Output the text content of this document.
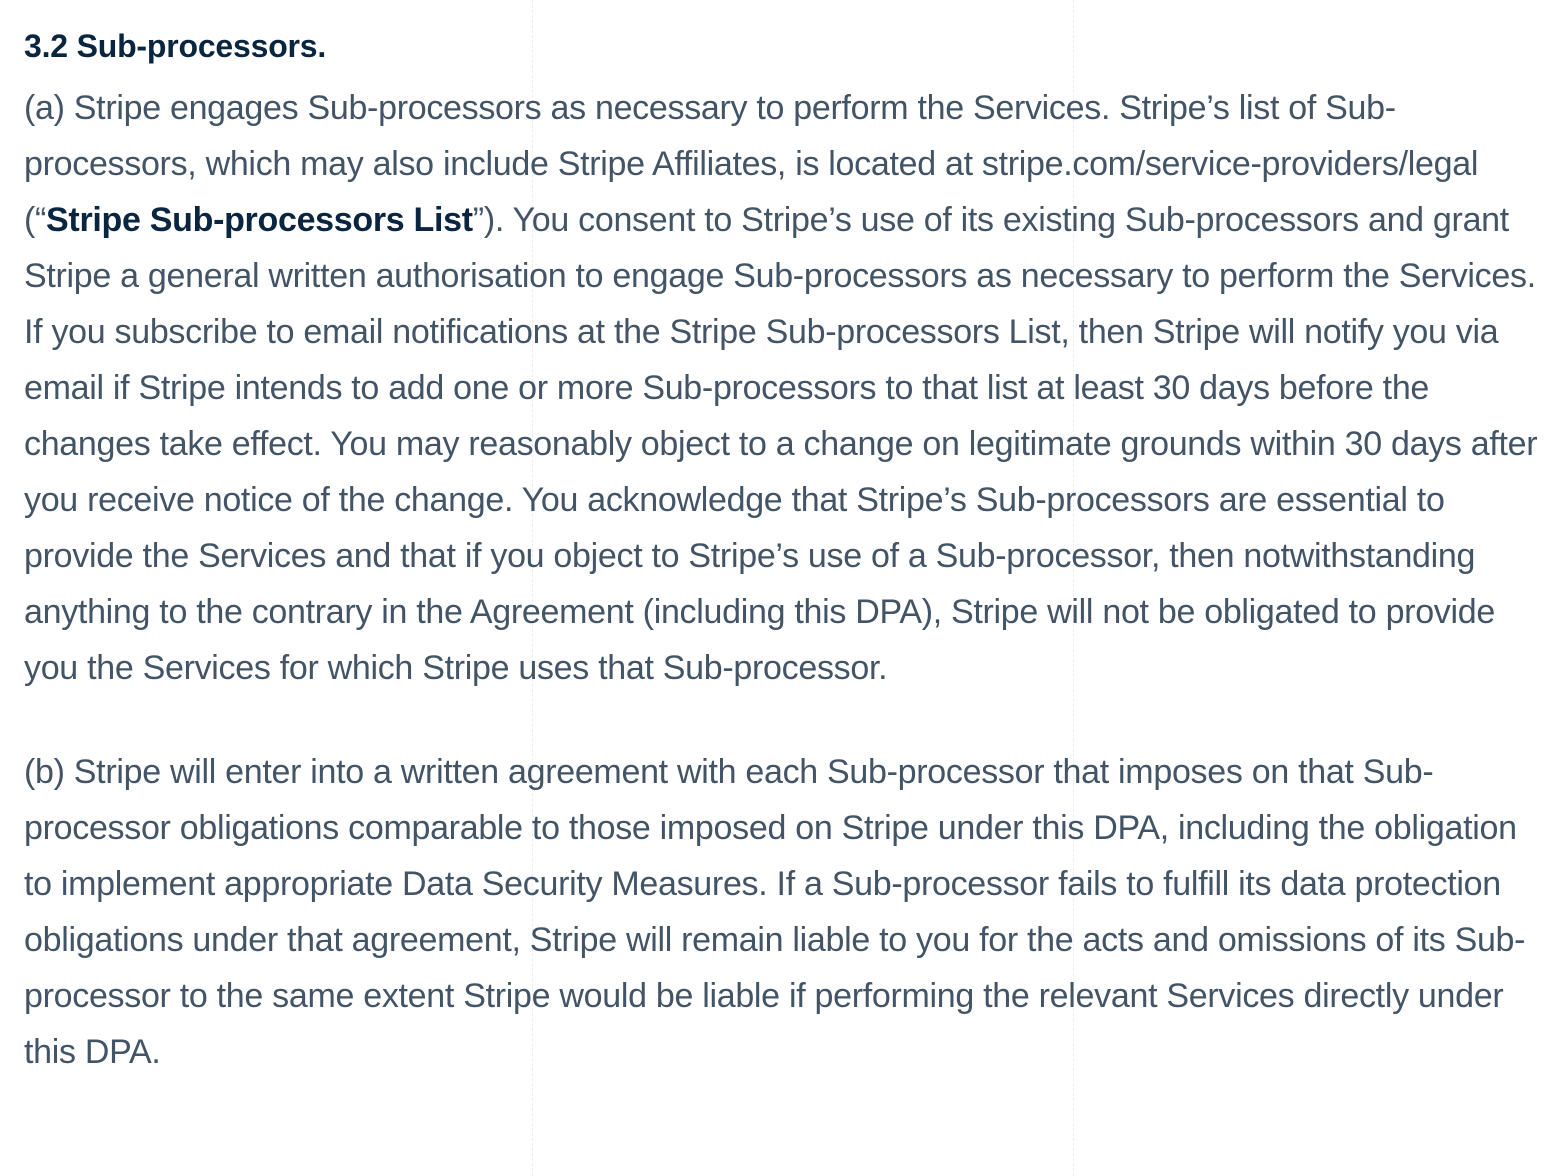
3.2 Sub-processors.

(a) Stripe engages Sub-processors as necessary to perform the Services. Stripe’s list of Sub-processors, which may also include Stripe Affiliates, is located at stripe.com/service-providers/legal (“Stripe Sub-processors List”). You consent to Stripe’s use of its existing Sub-processors and grant Stripe a general written authorisation to engage Sub-processors as necessary to perform the Services. If you subscribe to email notifications at the Stripe Sub-processors List, then Stripe will notify you via email if Stripe intends to add one or more Sub-processors to that list at least 30 days before the changes take effect. You may reasonably object to a change on legitimate grounds within 30 days after you receive notice of the change. You acknowledge that Stripe’s Sub-processors are essential to provide the Services and that if you object to Stripe’s use of a Sub-processor, then notwithstanding anything to the contrary in the Agreement (including this DPA), Stripe will not be obligated to provide you the Services for which Stripe uses that Sub-processor.

(b) Stripe will enter into a written agreement with each Sub-processor that imposes on that Sub-processor obligations comparable to those imposed on Stripe under this DPA, including the obligation to implement appropriate Data Security Measures. If a Sub-processor fails to fulfill its data protection obligations under that agreement, Stripe will remain liable to you for the acts and omissions of its Sub-processor to the same extent Stripe would be liable if performing the relevant Services directly under this DPA.
